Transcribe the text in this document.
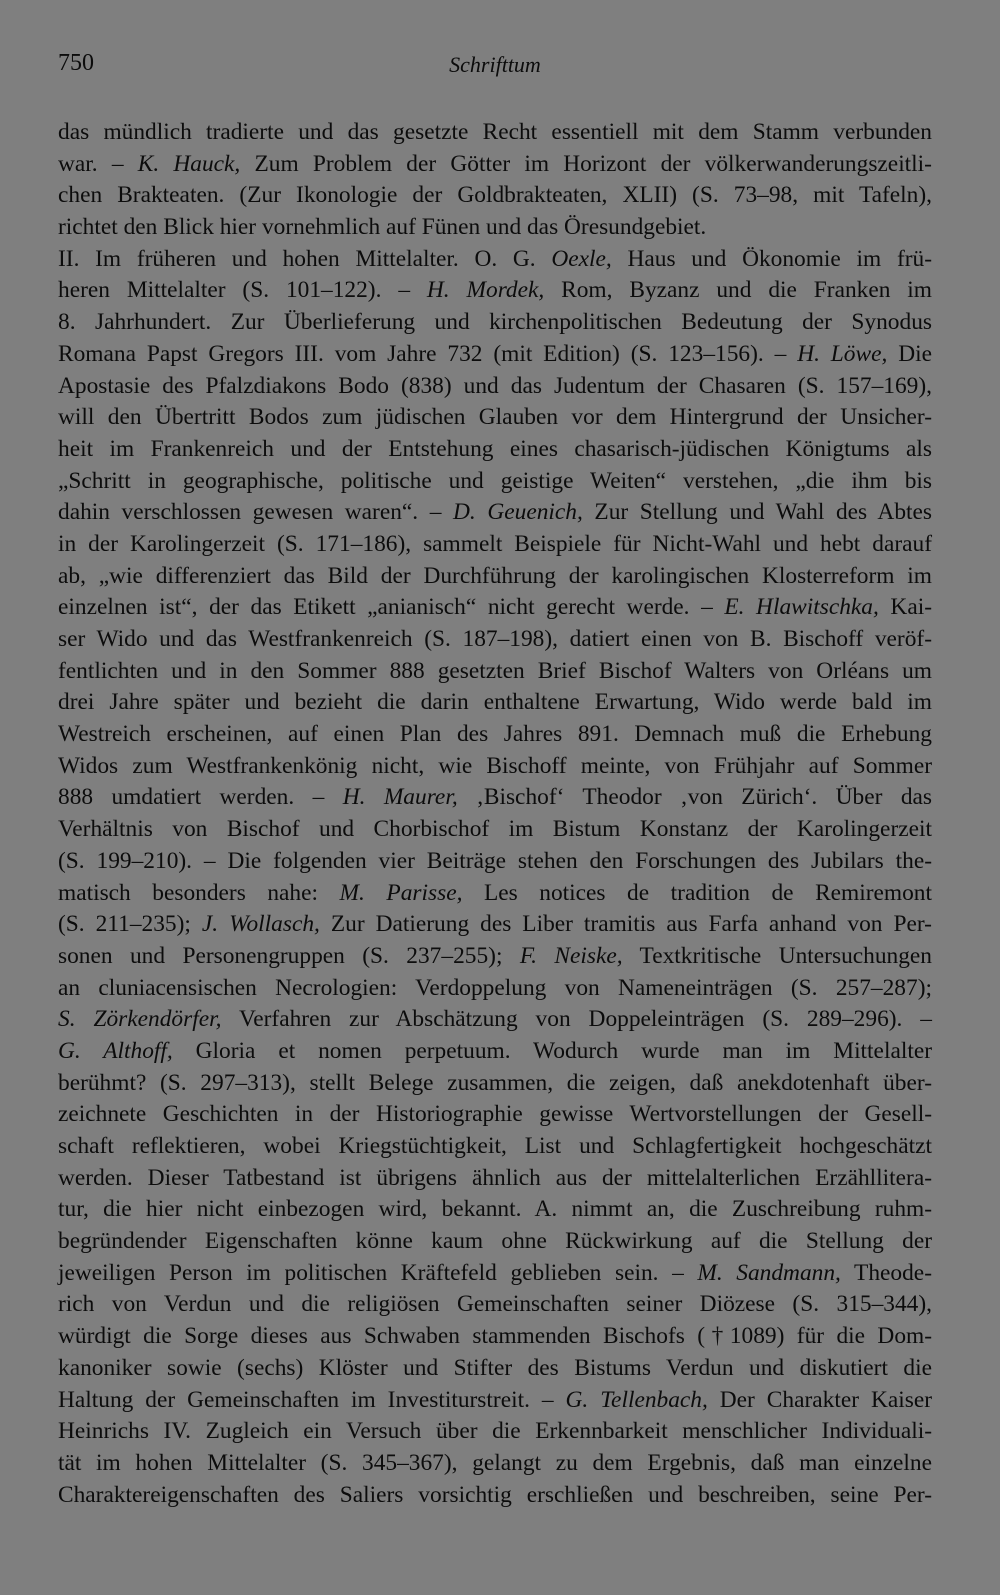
750	Schrifttum
das mündlich tradierte und das gesetzte Recht essentiell mit dem Stamm verbunden
war. – K. Hauck, Zum Problem der Götter im Horizont der völkerwanderungszeitli-
chen Brakteaten. (Zur Ikonologie der Goldbrakteaten, XLII) (S. 73–98, mit Tafeln),
richtet den Blick hier vornehmlich auf Fünen und das Öresundgebiet.
II. Im früheren und hohen Mittelalter. O. G. Oexle, Haus und Ökonomie im frü-
heren Mittelalter (S. 101–122). – H. Mordek, Rom, Byzanz und die Franken im
8. Jahrhundert. Zur Überlieferung und kirchenpolitischen Bedeutung der Synodus
Romana Papst Gregors III. vom Jahre 732 (mit Edition) (S. 123–156). – H. Löwe, Die
Apostasie des Pfalzdiakons Bodo (838) und das Judentum der Chasaren (S. 157–169),
will den Übertritt Bodos zum jüdischen Glauben vor dem Hintergrund der Unsicher-
heit im Frankenreich und der Entstehung eines chasarisch-jüdischen Königtums als
„Schritt in geographische, politische und geistige Weiten“ verstehen, „die ihm bis
dahin verschlossen gewesen waren“. – D. Geuenich, Zur Stellung und Wahl des Abtes
in der Karolingerzeit (S. 171–186), sammelt Beispiele für Nicht-Wahl und hebt darauf
ab, „wie differenziert das Bild der Durchführung der karolingischen Klosterreform im
einzelnen ist“, der das Etikett „anianisch“ nicht gerecht werde. – E. Hlawitschka, Kai-
ser Wido und das Westfrankenreich (S. 187–198), datiert einen von B. Bischoff veröf-
fentlichten und in den Sommer 888 gesetzten Brief Bischof Walters von Orléans um
drei Jahre später und bezieht die darin enthaltene Erwartung, Wido werde bald im
Westreich erscheinen, auf einen Plan des Jahres 891. Demnach muß die Erhebung
Widos zum Westfrankenkönig nicht, wie Bischoff meinte, von Frühjahr auf Sommer
888 umdatiert werden. – H. Maurer, ‚Bischof‘ Theodor ‚von Zürich‘. Über das
Verhältnis von Bischof und Chorbischof im Bistum Konstanz der Karolingerzeit
(S. 199–210). – Die folgenden vier Beiträge stehen den Forschungen des Jubilars the-
matisch besonders nahe: M. Parisse, Les notices de tradition de Remiremont
(S. 211–235); J. Wollasch, Zur Datierung des Liber tramitis aus Farfa anhand von Per-
sonen und Personengruppen (S. 237–255); F. Neiske, Textkritische Untersuchungen
an cluniacensischen Necrologien: Verdoppelung von Nameneinträgen (S. 257–287);
S. Zörkendörfer, Verfahren zur Abschätzung von Doppeleinträgen (S. 289–296). –
G. Althoff, Gloria et nomen perpetuum. Wodurch wurde man im Mittelalter
berühmt? (S. 297–313), stellt Belege zusammen, die zeigen, daß anekdotenhaft über-
zeichnete Geschichten in der Historiographie gewisse Wertvorstellungen der Gesell-
schaft reflektieren, wobei Kriegstüchtigkeit, List und Schlagfertigkeit hochgeschätzt
werden. Dieser Tatbestand ist übrigens ähnlich aus der mittelalterlichen Erzähllitera-
tur, die hier nicht einbezogen wird, bekannt. A. nimmt an, die Zuschreibung ruhm-
begründender Eigenschaften könne kaum ohne Rückwirkung auf die Stellung der
jeweiligen Person im politischen Kräftefeld geblieben sein. – M. Sandmann, Theode-
rich von Verdun und die religiösen Gemeinschaften seiner Diözese (S. 315–344),
würdigt die Sorge dieses aus Schwaben stammenden Bischofs (†1089) für die Dom-
kanoniker sowie (sechs) Klöster und Stifter des Bistums Verdun und diskutiert die
Haltung der Gemeinschaften im Investiturstreit. – G. Tellenbach, Der Charakter Kaiser
Heinrichs IV. Zugleich ein Versuch über die Erkennbarkeit menschlicher Individuali-
tät im hohen Mittelalter (S. 345–367), gelangt zu dem Ergebnis, daß man einzelne
Charaktereigenschaften des Saliers vorsichtig erschließen und beschreiben, seine Per-
